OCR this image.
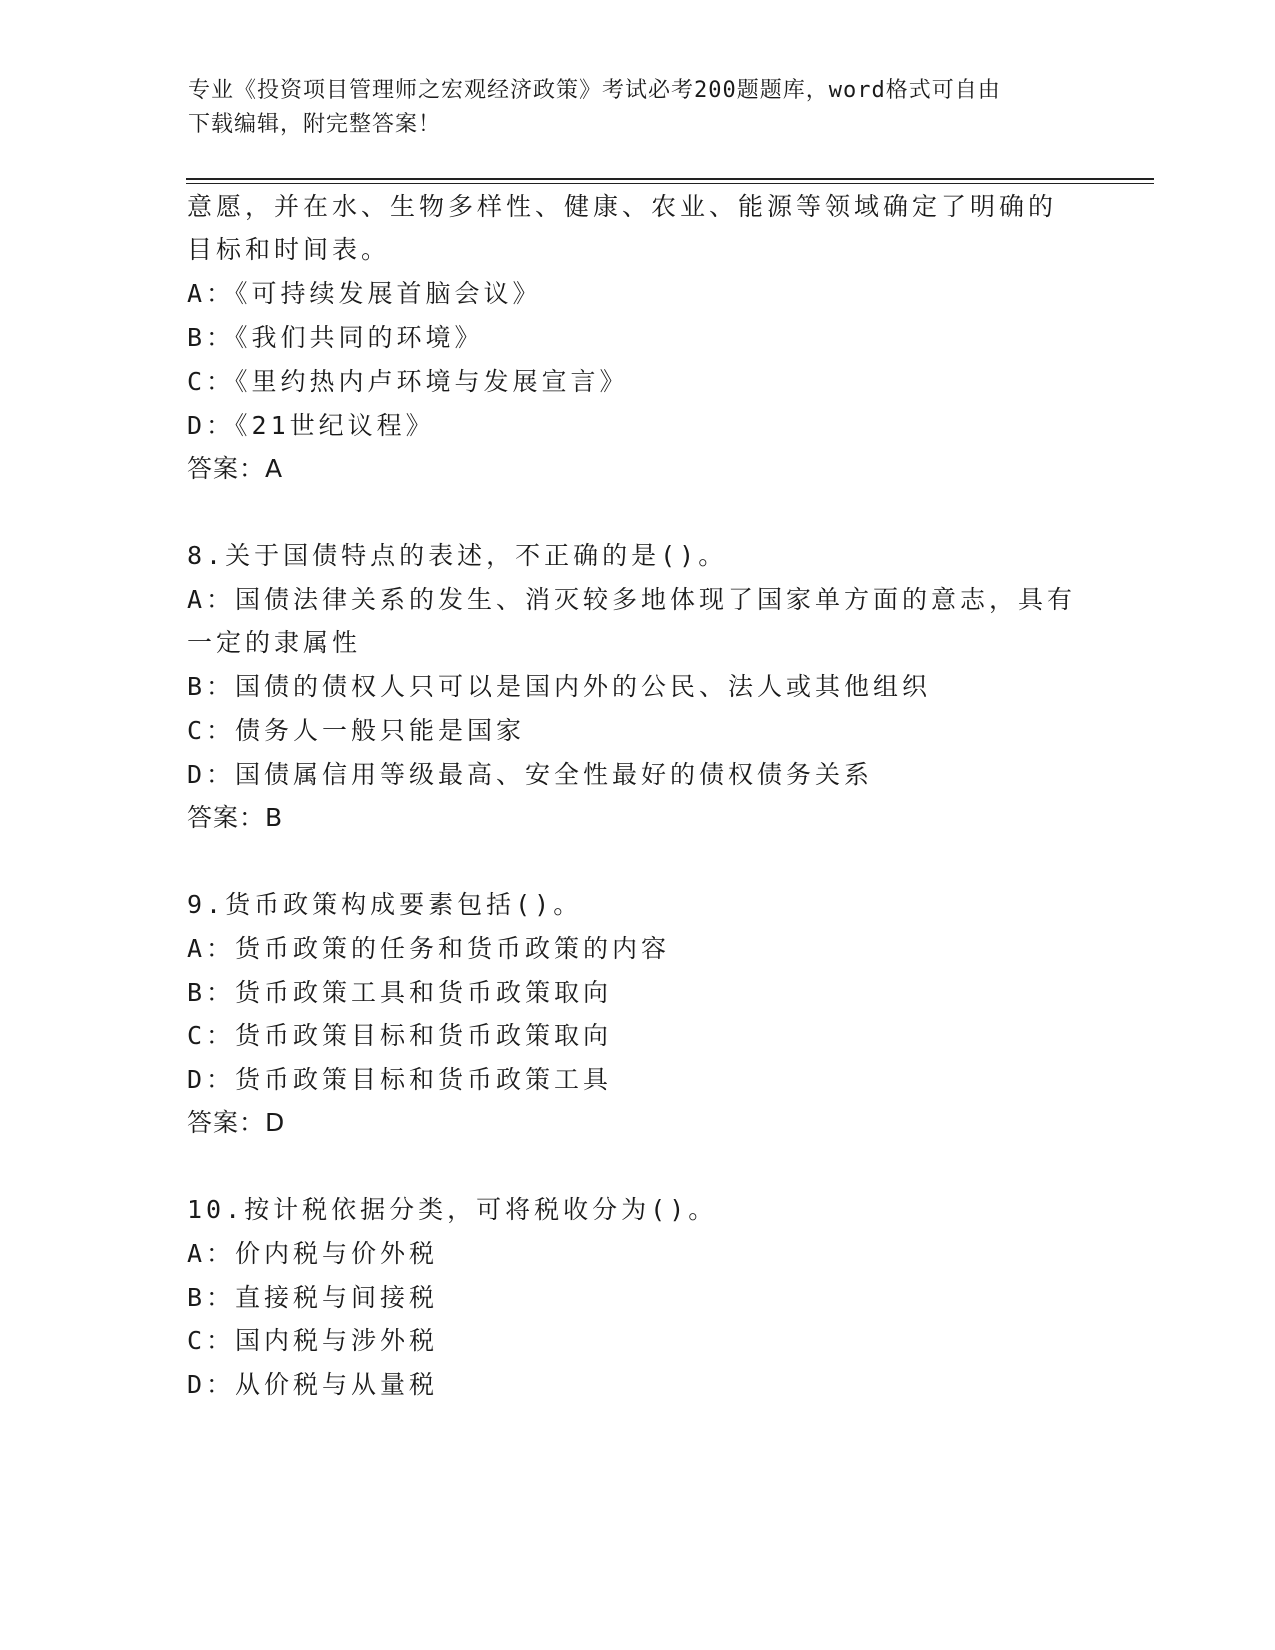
专业《投资项目管理师之宏观经济政策》考试必考200题题库，word格式可自由
下载编辑，附完整答案！
意愿，并在水、生物多样性、健康、农业、能源等领域确定了明确的
目标和时间表。
A：《可持续发展首脑会议》
B：《我们共同的环境》
C：《里约热内卢环境与发展宣言》
D：《21世纪议程》
答案：A
8.关于国债特点的表述，不正确的是()。
A：国债法律关系的发生、消灭较多地体现了国家单方面的意志，具有
一定的隶属性
B：国债的债权人只可以是国内外的公民、法人或其他组织
C：债务人一般只能是国家
D：国债属信用等级最高、安全性最好的债权债务关系
答案：B
9.货币政策构成要素包括()。
A：货币政策的任务和货币政策的内容
B：货币政策工具和货币政策取向
C：货币政策目标和货币政策取向
D：货币政策目标和货币政策工具
答案：D
10.按计税依据分类，可将税收分为()。
A：价内税与价外税
B：直接税与间接税
C：国内税与涉外税
D：从价税与从量税
